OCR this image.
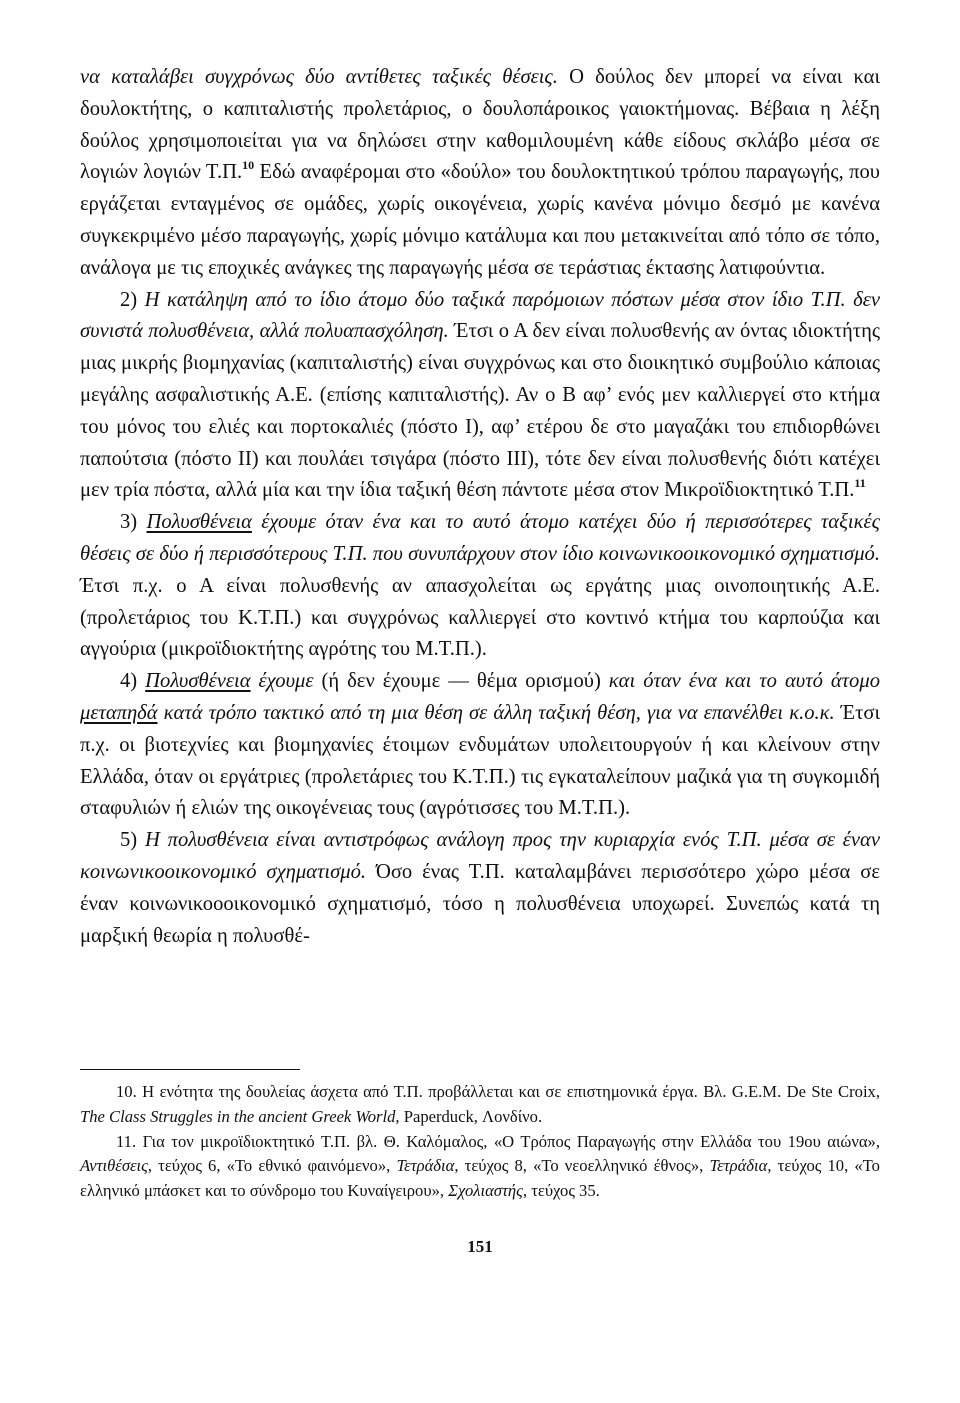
να καταλάβει συγχρόνως δύο αντίθετες ταξικές θέσεις. Ο δούλος δεν μπορεί να είναι και δουλοκτήτης, ο καπιταλιστής προλετάριος, ο δουλοπάροικος γαιοκτήμονας. Βέβαια η λέξη δούλος χρησιμοποιείται για να δηλώσει στην καθομιλουμένη κάθε είδους σκλάβο μέσα σε λογιών λογιών Τ.Π.$^{10}$ Εδώ αναφέρομαι στο «δούλο» του δουλοκτητικού τρόπου παραγωγής, που εργάζεται ενταγμένος σε ομάδες, χωρίς οικογένεια, χωρίς κανένα μόνιμο δεσμό με κανένα συγκεκριμένο μέσο παραγωγής, χωρίς μόνιμο κατάλυμα και που μετακινείται από τόπο σε τόπο, ανάλογα με τις εποχικές ανάγκες της παραγωγής μέσα σε τεράστιας έκτασης λατιφούντια.

2) Η κατάληψη από το ίδιο άτομο δύο ταξικά παρόμοιων πόστων μέσα στον ίδιο Τ.Π. δεν συνιστά πολυσθένεια, αλλά πολυαπασχόληση. Έτσι ο Α δεν είναι πολυσθενής αν όντας ιδιοκτήτης μιας μικρής βιομηχανίας (καπιταλιστής) είναι συγχρόνως και στο διοικητικό συμβούλιο κάποιας μεγάλης ασφαλιστικής Α.Ε. (επίσης καπιταλιστής). Αν ο Β αφ’ ενός μεν καλλιεργεί στο κτήμα του μόνος του ελιές και πορτοκαλιές (πόστο Ι), αφ’ ετέρου δε στο μαγαζάκι του επιδιορθώνει παπούτσια (πόστο ΙΙ) και πουλάει τσιγάρα (πόστο ΙΙΙ), τότε δεν είναι πολυσθενής διότι κατέχει μεν τρία πόστα, αλλά μία και την ίδια ταξική θέση πάντοτε μέσα στον Μικροϊδιοκτητικό Τ.Π.$^{11}$

3) Πολυσθένεια έχουμε όταν ένα και το αυτό άτομο κατέχει δύο ή περισσότερες ταξικές θέσεις σε δύο ή περισσότερους Τ.Π. που συνυπάρχουν στον ίδιο κοινωνικοοικονομικό σχηματισμό. Έτσι π.χ. ο Α είναι πολυσθενής αν απασχολείται ως εργάτης μιας οινοποιητικής Α.Ε. (προλετάριος του Κ.Τ.Π.) και συγχρόνως καλλιεργεί στο κοντινό κτήμα του καρπούζια και αγγούρια (μικροϊδιοκτήτης αγρότης του Μ.Τ.Π.).

4) Πολυσθένεια έχουμε (ή δεν έχουμε — θέμα ορισμού) και όταν ένα και το αυτό άτομο μεταπηδά κατά τρόπο τακτικό από τη μια θέση σε άλλη ταξική θέση, για να επανέλθει κ.ο.κ. Έτσι π.χ. οι βιοτεχνίες και βιομηχανίες έτοιμων ενδυμάτων υπολειτουργούν ή και κλείνουν στην Ελλάδα, όταν οι εργάτριες (προλετάριες του Κ.Τ.Π.) τις εγκαταλείπουν μαζικά για τη συγκομιδή σταφυλιών ή ελιών της οικογένειας τους (αγρότισσες του Μ.Τ.Π.).

5) Η πολυσθένεια είναι αντιστρόφως ανάλογη προς την κυριαρχία ενός Τ.Π. μέσα σε έναν κοινωνικοοικονομικό σχηματισμό. Όσο ένας Τ.Π. καταλαμβάνει περισσότερο χώρο μέσα σε έναν κοινωνικοοοικονομικό σχηματισμό, τόσο η πολυσθένεια υποχωρεί. Συνεπώς κατά τη μαρξική θεωρία η πολυσθέ-

10. Η ενότητα της δουλείας άσχετα από Τ.Π. προβάλλεται και σε επιστημονικά έργα. Βλ. G.E.M. De Ste Croix, The Class Struggles in the ancient Greek World, Paperduck, Λονδίνο.

11. Για τον μικροϊδιοκτητικό Τ.Π. βλ. Θ. Καλόμαλος, «Ο Τρόπος Παραγωγής στην Ελλάδα του 19ου αιώνα», Αντιθέσεις, τεύχος 6, «Το εθνικό φαινόμενο», Τετράδια, τεύχος 8, «Το νεοελληνικό έθνος», Τετράδια, τεύχος 10, «Το ελληνικό μπάσκετ και το σύνδρομο του Κυναίγειρου», Σχολιαστής, τεύχος 35.

151
